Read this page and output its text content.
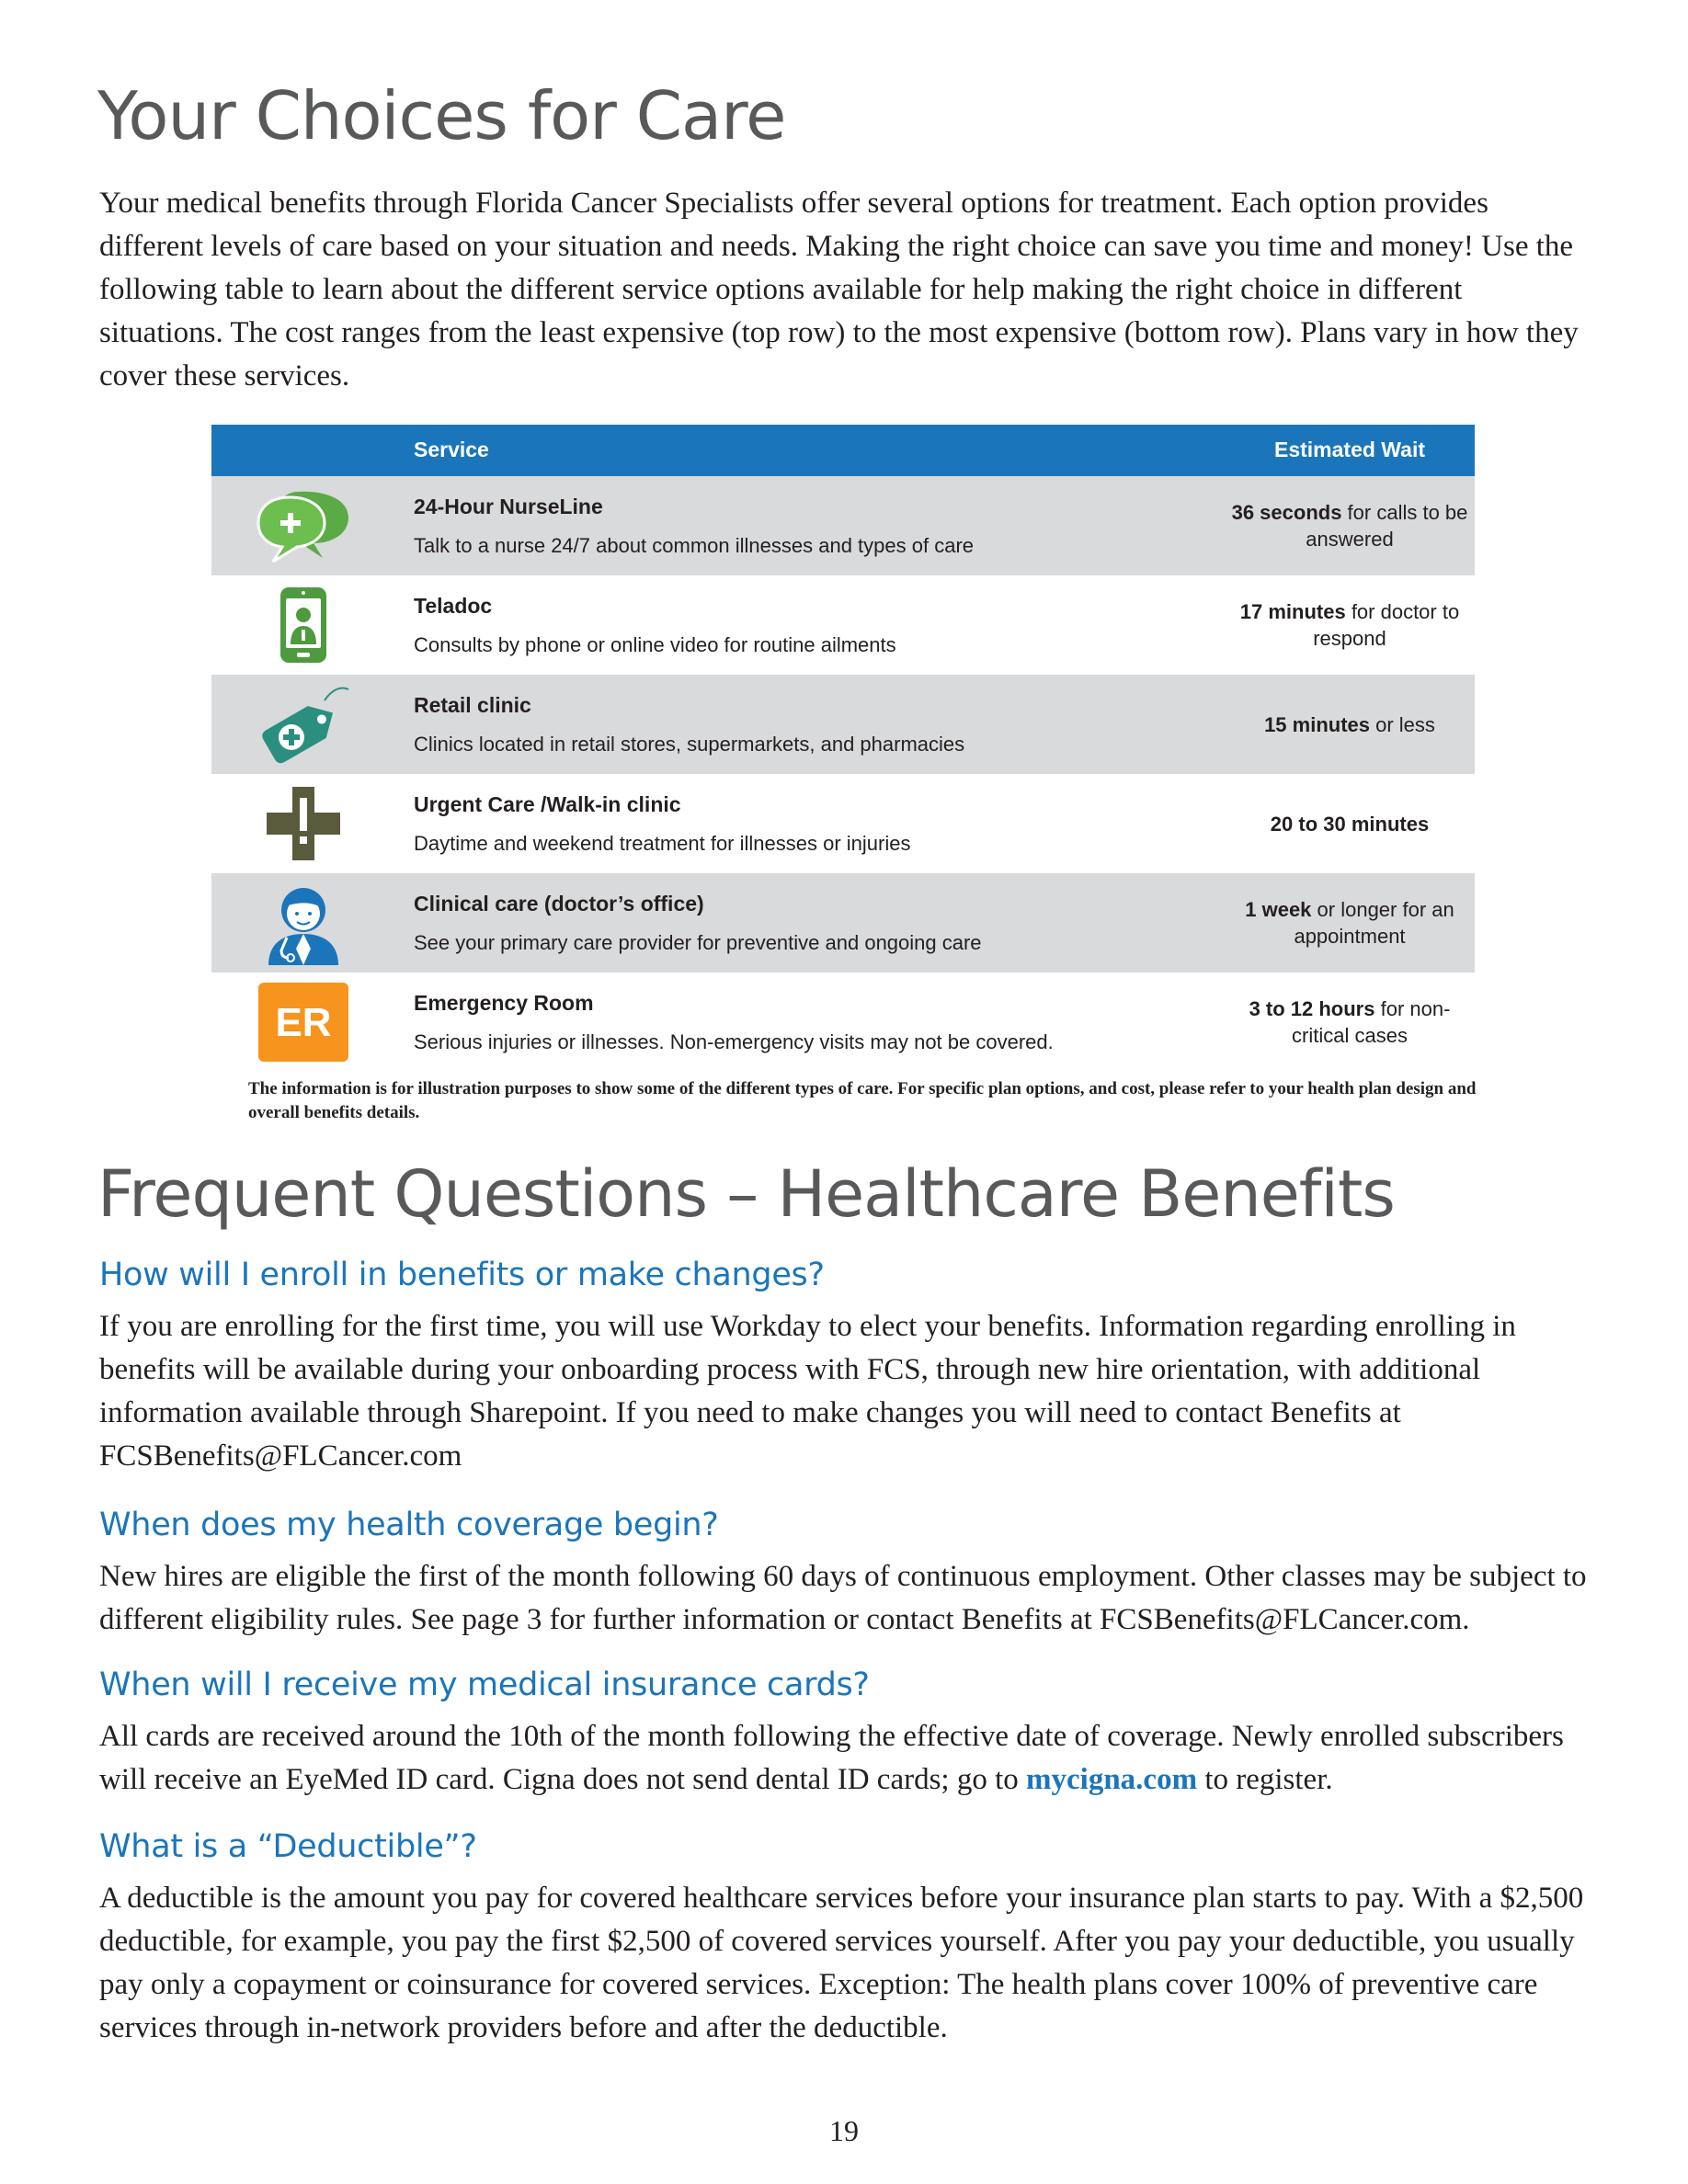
Your Choices for Care

Your medical benefits through Florida Cancer Specialists offer several options for treatment. Each option provides different levels of care based on your situation and needs. Making the right choice can save you time and money! Use the following table to learn about the different service options available for help making the right choice in different situations. The cost ranges from the least expensive (top row) to the most expensive (bottom row). Plans vary in how they cover these services.

Service	Estimated Wait
24-Hour NurseLine
Talk to a nurse 24/7 about common illnesses and types of care
36 seconds for calls to be answered
Teladoc
Consults by phone or online video for routine ailments
17 minutes for doctor to respond
Retail clinic
Clinics located in retail stores, supermarkets, and pharmacies
15 minutes or less
Urgent Care /Walk-in clinic
Daytime and weekend treatment for illnesses or injuries
20 to 30 minutes
Clinical care (doctor’s office)
See your primary care provider for preventive and ongoing care
1 week or longer for an appointment
ER	Emergency Room
Serious injuries or illnesses. Non-emergency visits may not be covered.
3 to 12 hours for non-critical cases

The information is for illustration purposes to show some of the different types of care. For specific plan options, and cost, please refer to your health plan design and overall benefits details.

Frequent Questions – Healthcare Benefits
How will I enroll in benefits or make changes?

If you are enrolling for the first time, you will use Workday to elect your benefits. Information regarding enrolling in benefits will be available during your onboarding process with FCS, through new hire orientation, with additional information available through Sharepoint. If you need to make changes you will need to contact Benefits at FCSBenefits@FLCancer.com

When does my health coverage begin?

New hires are eligible the first of the month following 60 days of continuous employment. Other classes may be subject to different eligibility rules. See page 3 for further information or contact Benefits at FCSBenefits@FLCancer.com.

When will I receive my medical insurance cards?

All cards are received around the 10th of the month following the effective date of coverage. Newly enrolled subscribers will receive an EyeMed ID card. Cigna does not send dental ID cards; go to mycigna.com to register.

What is a “Deductible”?

A deductible is the amount you pay for covered healthcare services before your insurance plan starts to pay. With a $2,500 deductible, for example, you pay the first $2,500 of covered services yourself. After you pay your deductible, you usually pay only a copayment or coinsurance for covered services. Exception: The health plans cover 100% of preventive care services through in-network providers before and after the deductible.

19
